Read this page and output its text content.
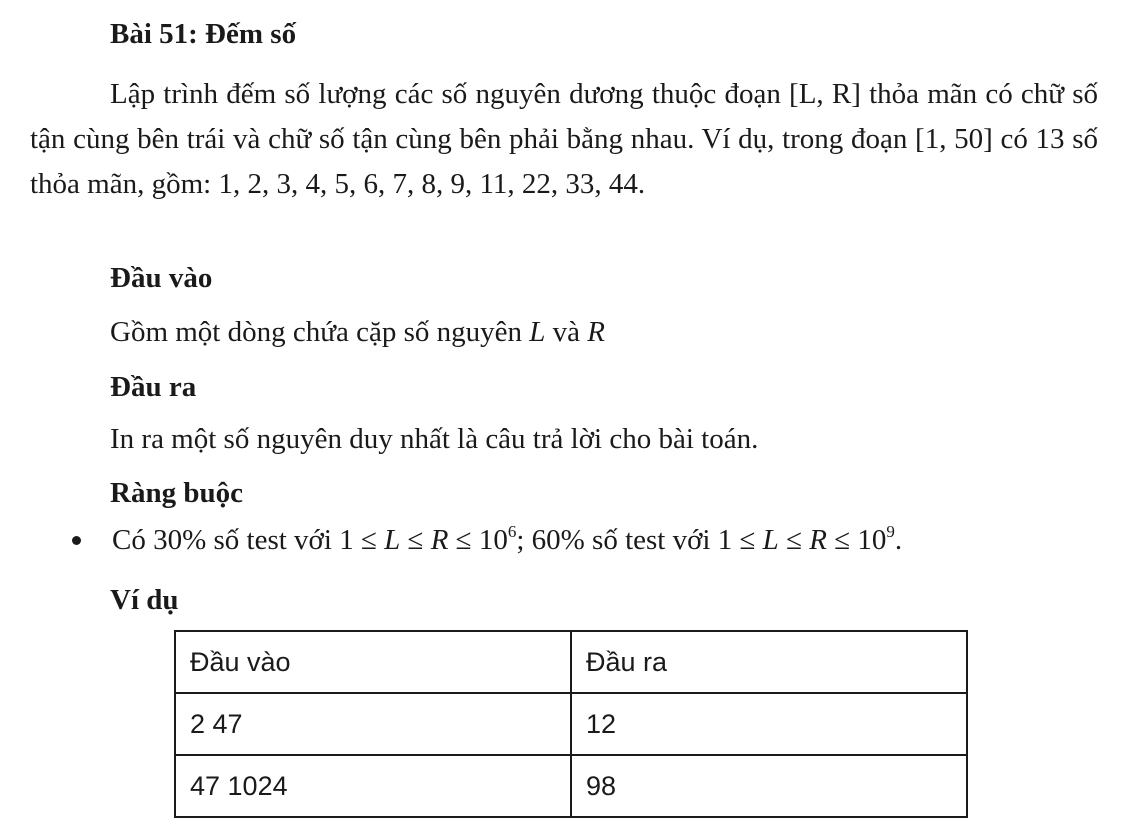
Bài 51: Đếm số

Lập trình đếm số lượng các số nguyên dương thuộc đoạn [L, R] thỏa mãn có chữ số tận cùng bên trái và chữ số tận cùng bên phải bằng nhau. Ví dụ, trong đoạn [1, 50] có 13 số thỏa mãn, gồm: 1, 2, 3, 4, 5, 6, 7, 8, 9, 11, 22, 33, 44.

Đầu vào
Gồm một dòng chứa cặp số nguyên L và R
Đầu ra
In ra một số nguyên duy nhất là câu trả lời cho bài toán.
Ràng buộc
Có 30% số test với $1 \le L \le R \le 10^6$; 60% số test với $1 \le L \le R \le 10^9$.
Ví dụ
Đầu vào	Đầu ra
2 47	12
47 1024	98
